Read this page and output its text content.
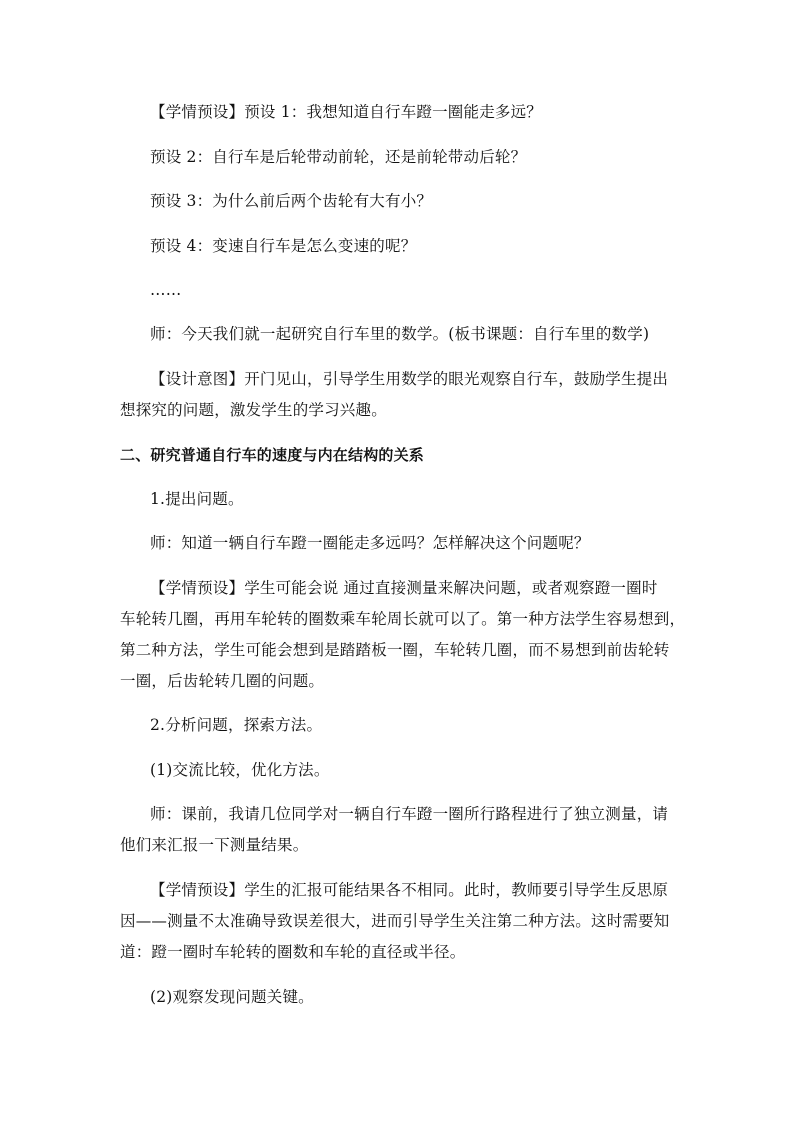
【学情预设】预设 1：我想知道自行车蹬一圈能走多远？
预设 2：自行车是后轮带动前轮，还是前轮带动后轮？
预设 3：为什么前后两个齿轮有大有小？
预设 4：变速自行车是怎么变速的呢？
……
师：今天我们就一起研究自行车里的数学。(板书课题：自行车里的数学)
【设计意图】开门见山，引导学生用数学的眼光观察自行车，鼓励学生提出
想探究的问题，激发学生的学习兴趣。
二、研究普通自行车的速度与内在结构的关系
1.提出问题。
师：知道一辆自行车蹬一圈能走多远吗？怎样解决这个问题呢？
【学情预设】学生可能会说 通过直接测量来解决问题，或者观察蹬一圈时
车轮转几圈，再用车轮转的圈数乘车轮周长就可以了。第一种方法学生容易想到，
第二种方法，学生可能会想到是踏踏板一圈，车轮转几圈，而不易想到前齿轮转
一圈，后齿轮转几圈的问题。
2.分析问题，探索方法。
(1)交流比较，优化方法。
师：课前，我请几位同学对一辆自行车蹬一圈所行路程进行了独立测量，请
他们来汇报一下测量结果。
【学情预设】学生的汇报可能结果各不相同。此时，教师要引导学生反思原
因——测量不太准确导致误差很大，进而引导学生关注第二种方法。这时需要知
道：蹬一圈时车轮转的圈数和车轮的直径或半径。
(2)观察发现问题关键。
